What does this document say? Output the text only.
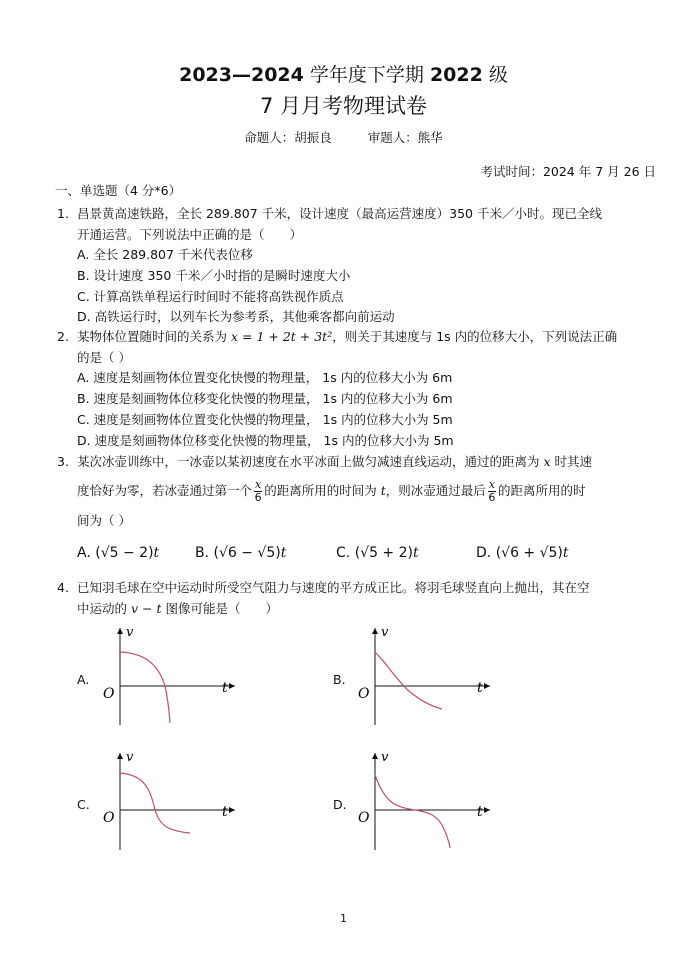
2023—2024 学年度下学期 2022 级
7 月月考物理试卷
命题人：胡振良	审题人：熊华
考试时间：2024 年 7 月 26 日
一、单选题（4 分*6）
1. 昌景黄高速铁路，全长 289.807 千米，设计速度（最高运营速度）350 千米／小时。现已全线
开通运营。下列说法中正确的是（　　）
A. 全长 289.807 千米代表位移
B. 设计速度 350 千米／小时指的是瞬时速度大小
C. 计算高铁单程运行时间时不能将高铁视作质点
D. 高铁运行时，以列车长为参考系，其他乘客都向前运动
2. 某物体位置随时间的关系为 x = 1 + 2t + 3t²，则关于其速度与 1s 内的位移大小，下列说法正确
的是（ ）
A. 速度是刻画物体位置变化快慢的物理量， 1s 内的位移大小为 6m
B. 速度是刻画物体位移变化快慢的物理量， 1s 内的位移大小为 6m
C. 速度是刻画物体位置变化快慢的物理量， 1s 内的位移大小为 5m
D. 速度是刻画物体位移变化快慢的物理量， 1s 内的位移大小为 5m
3. 某次冰壶训练中，一冰壶以某初速度在水平冰面上做匀减速直线运动，通过的距离为 x 时其速
度恰好为零，若冰壶通过第一个 $\frac{x}{6}$ 的距离所用的时间为 t，则冰壶通过最后 $\frac{x}{6}$ 的距离所用的时
间为（ ）
A. (√5 − 2)t	B. (√6 − √5)t	C. (√5 + 2)t	D. (√6 + √5)t
4. 已知羽毛球在空中运动时所受空气阻力与速度的平方成正比。将羽毛球竖直向上抛出，其在空
中运动的 v − t 图像可能是（　　）
A.
v
t
O
B.
v
t
O
C.
v
t
O
D.
v
t
O
1
